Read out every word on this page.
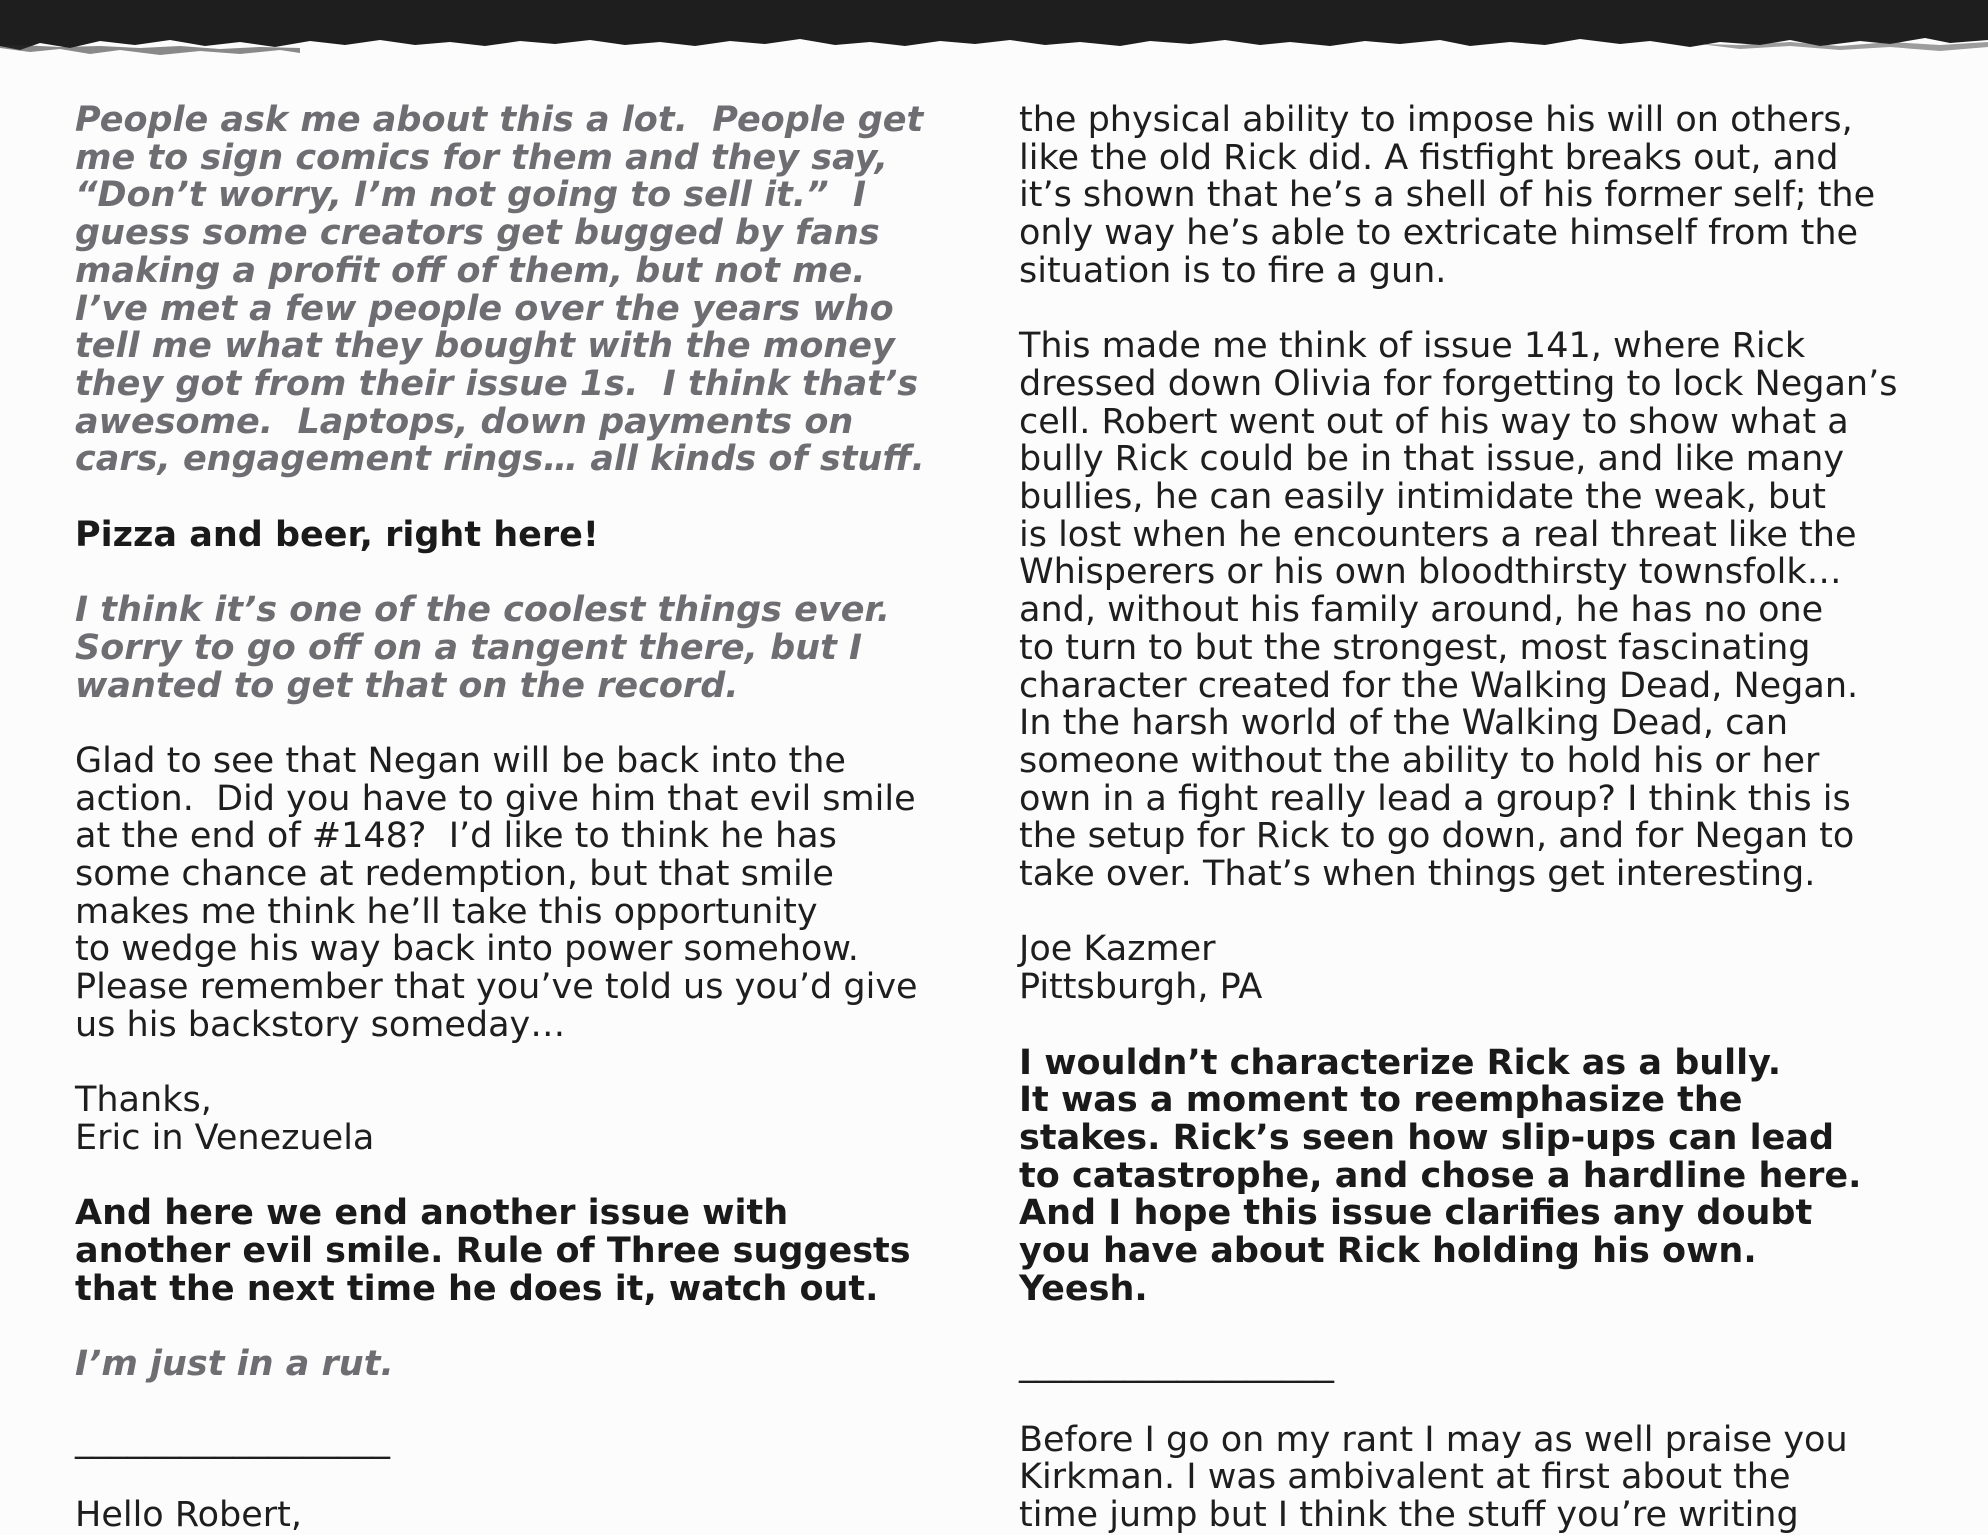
People ask me about this a lot.  People get
me to sign comics for them and they say,
“Don’t worry, I’m not going to sell it.”  I
guess some creators get bugged by fans
making a profit off of them, but not me.
I’ve met a few people over the years who
tell me what they bought with the money
they got from their issue 1s.  I think that’s
awesome.  Laptops, down payments on
cars, engagement rings… all kinds of stuff.
Pizza and beer, right here!
I think it’s one of the coolest things ever.
Sorry to go off on a tangent there, but I
wanted to get that on the record.
Glad to see that Negan will be back into the
action.  Did you have to give him that evil smile
at the end of #148?  I’d like to think he has
some chance at redemption, but that smile
makes me think he’ll take this opportunity
to wedge his way back into power somehow.
Please remember that you’ve told us you’d give
us his backstory someday…
Thanks,
Eric in Venezuela
And here we end another issue with
another evil smile. Rule of Three suggests
that the next time he does it, watch out.
I’m just in a rut.
__________________
Hello Robert,
the physical ability to impose his will on others,
like the old Rick did. A fistfight breaks out, and
it’s shown that he’s a shell of his former self; the
only way he’s able to extricate himself from the
situation is to fire a gun.
This made me think of issue 141, where Rick
dressed down Olivia for forgetting to lock Negan’s
cell. Robert went out of his way to show what a
bully Rick could be in that issue, and like many
bullies, he can easily intimidate the weak, but
is lost when he encounters a real threat like the
Whisperers or his own bloodthirsty townsfolk…
and, without his family around, he has no one
to turn to but the strongest, most fascinating
character created for the Walking Dead, Negan.
In the harsh world of the Walking Dead, can
someone without the ability to hold his or her
own in a fight really lead a group? I think this is
the setup for Rick to go down, and for Negan to
take over. That’s when things get interesting.
Joe Kazmer
Pittsburgh, PA
I wouldn’t characterize Rick as a bully.
It was a moment to reemphasize the
stakes. Rick’s seen how slip-ups can lead
to catastrophe, and chose a hardline here.
And I hope this issue clarifies any doubt
you have about Rick holding his own.
Yeesh.
__________________
Before I go on my rant I may as well praise you
Kirkman. I was ambivalent at first about the
time jump but I think the stuff you’re writing
